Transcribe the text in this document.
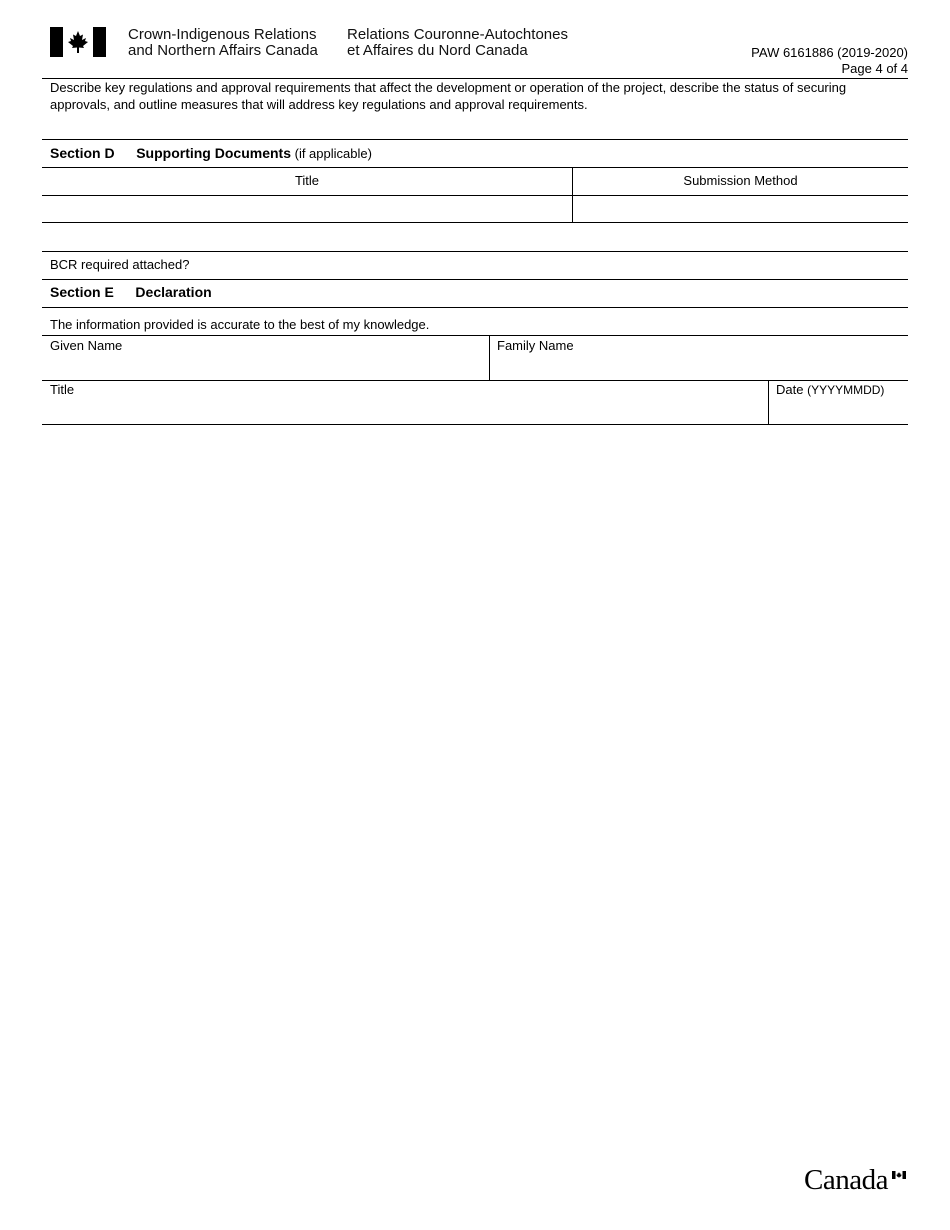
Crown-Indigenous Relations
and Northern Affairs Canada
Relations Couronne-Autochtones
et Affaires du Nord Canada	PAW 6161886 (2019-2020)
Page 4 of 4
Describe key regulations and approval requirements that affect the development or operation of the project, describe the status of securing
approvals, and outline measures that will address key regulations and approval requirements.
Section D Supporting Documents (if applicable)
Title	Submission Method
BCR required attached?
Section E Declaration
The information provided is accurate to the best of my knowledge.
Given Name	Family Name
Title	Date (YYYYMMDD)
Canada
